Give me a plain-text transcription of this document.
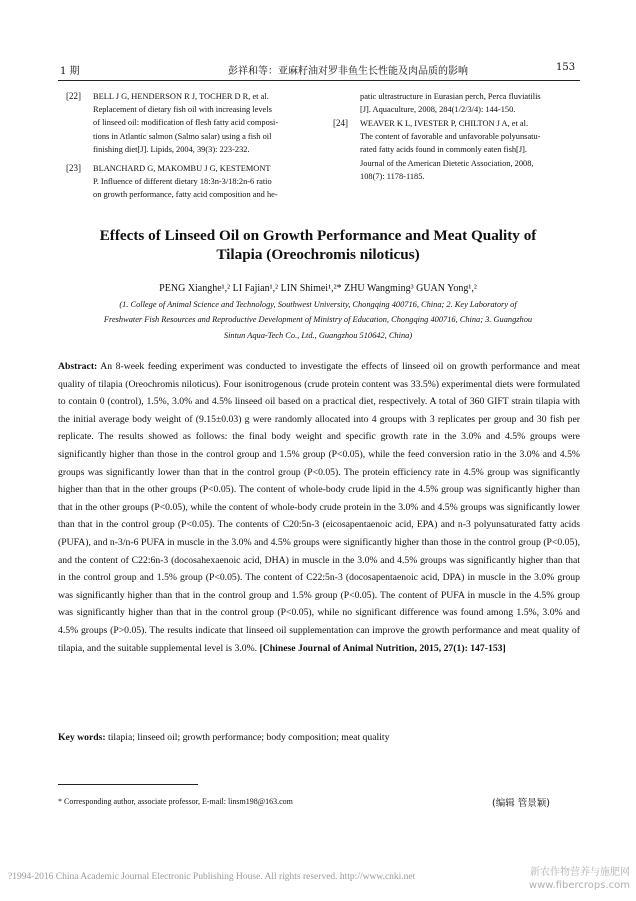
1 期	彭祥和等：亚麻籽油对罗非鱼生长性能及肉品质的影响	153
[22] BELL J G, HENDERSON R J, TOCHER D R, et al.

Replacement of dietary fish oil with increasing levels

of linseed oil: modification of flesh fatty acid composi-

tions in Atlantic salmon (Salmo salar) using a fish oil

finishing diet[J]. Lipids, 2004, 39(3): 223-232.

[23] BLANCHARD G, MAKOMBU J G, KESTEMONT

P. Influence of different dietary 18:3n-3/18:2n-6 ratio

on growth performance, fatty acid composition and he-

patic ultrastructure in Eurasian perch, Perca fluviatilis

[J]. Aquaculture, 2008, 284(1/2/3/4): 144-150.

[24] WEAVER K L, IVESTER P, CHILTON J A, et al.

The content of favorable and unfavorable polyunsatu-

rated fatty acids found in commonly eaten fish[J].

Journal of the American Dietetic Association, 2008,

108(7): 1178-1185.

Effects of Linseed Oil on Growth Performance and Meat Quality of
Tilapia (Oreochromis niloticus)
PENG Xianghe¹,² LI Fajian¹,² LIN Shimei¹,²* ZHU Wangming³ GUAN Yong¹,²
(1. College of Animal Science and Technology, Southwest University, Chongqing 400716, China; 2. Key Laboratory of
Freshwater Fish Resources and Reproductive Development of Ministry of Education, Chongqing 400716, China; 3. Guangzhou
Sintun Aqua-Tech Co., Ltd., Guangzhou 510642, China)
Abstract: An 8-week feeding experiment was conducted to investigate the effects of linseed oil on growth performance and meat quality of tilapia (Oreochromis niloticus). Four isonitrogenous (crude protein content was 33.5%) experimental diets were formulated to contain 0 (control), 1.5%, 3.0% and 4.5% linseed oil based on a practical diet, respectively. A total of 360 GIFT strain tilapia with the initial average body weight of (9.15±0.03) g were randomly allocated into 4 groups with 3 replicates per group and 30 fish per replicate. The results showed as follows: the final body weight and specific growth rate in the 3.0% and 4.5% groups were significantly higher than those in the control group and 1.5% group (P<0.05), while the feed conversion ratio in the 3.0% and 4.5% groups was significantly lower than that in the control group (P<0.05). The protein efficiency rate in 4.5% group was significantly higher than that in the other groups (P<0.05). The content of whole-body crude lipid in the 4.5% group was significantly higher than that in the other groups (P<0.05), while the content of whole-body crude protein in the 3.0% and 4.5% groups was significantly lower than that in the control group (P<0.05). The contents of C20:5n-3 (eicosapentaenoic acid, EPA) and n-3 polyunsaturated fatty acids (PUFA), and n-3/n-6 PUFA in muscle in the 3.0% and 4.5% groups were significantly higher than those in the control group (P<0.05), and the content of C22:6n-3 (docosahexaenoic acid, DHA) in muscle in the 3.0% and 4.5% groups was significantly higher than that in the control group and 1.5% group (P<0.05). The content of C22:5n-3 (docosapentaenoic acid, DPA) in muscle in the 3.0% group was significantly higher than that in the control group and 1.5% group (P<0.05). The content of PUFA in muscle in the 4.5% group was significantly higher than that in the control group (P<0.05), while no significant difference was found among 1.5%, 3.0% and 4.5% groups (P>0.05). The results indicate that linseed oil supplementation can improve the growth performance and meat quality of tilapia, and the suitable supplemental level is 3.0%. [Chinese Journal of Animal Nutrition, 2015, 27(1): 147-153]
Key words: tilapia; linseed oil; growth performance; body composition; meat quality
* Corresponding author, associate professor, E-mail: linsm198@163.com	(编辑 管景颖)
?1994-2016 China Academic Journal Electronic Publishing House. All rights reserved. http://www.cnki.net	新农作物营养与施肥网 www.fibercrops.com
